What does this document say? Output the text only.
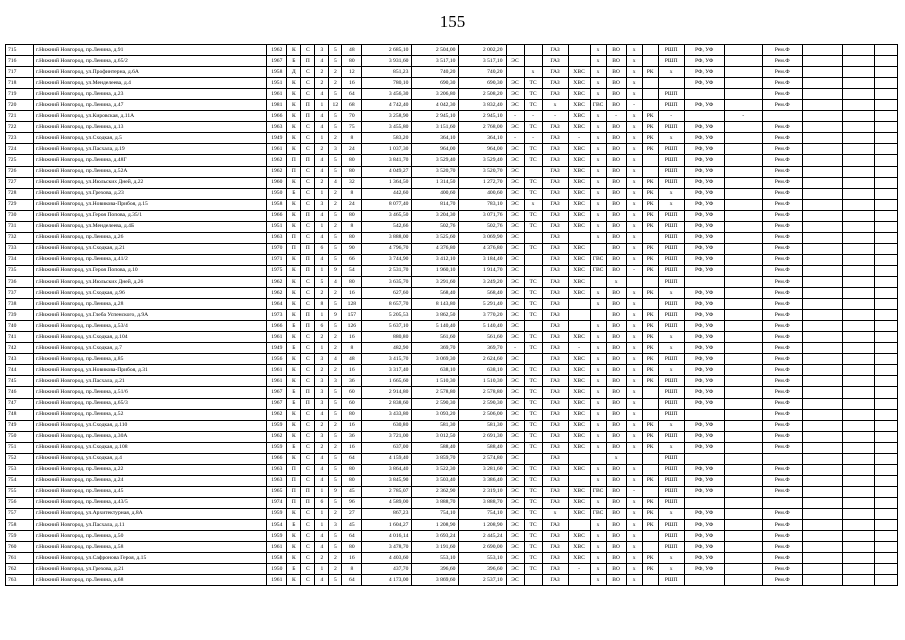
155
715	г.Нижний Новгород, пр.Ленина, д.91	1962	К	С	3	5	48	2 685,10	2 504,00	2 002,20			ГАЗ		х	ВО	х		РШП	РФ, УФ		Рем.Ф			
716	г.Нижний Новгород, пр.Ленина, д.65/2	1967	Б	П	4	5	80	3 931,60	3 517,10	3 517,10	ЭС		ГАЗ		х	ВО	х		РШП	РФ, УФ		Рем.Ф			
717	г.Нижний Новгород, ул.Профинтерна, д.6А	1958	Д	С	2	2	12	851,23	740,20	740,20		х	ГАЗ	ХВС	х	ВО	х	РК	х	РФ, УФ		Рем.Ф			
718	г.Нижний Новгород, ул.Менделеева, д.4	1951	К	С	2	2	16	780,10	690,30	690,30	ЭС	ТС	ГАЗ	ХВС	х	ВО	х			РФ, УФ		Рем.Ф			
719	г.Нижний Новгород, пр.Ленина, д.23	1961	К	С	4	5	64	3 456,30	3 206,80	2 508,20	ЭС	ТС	ГАЗ	ХВС	х	ВО	х		РШП			Рем.Ф			
720	г.Нижний Новгород, пр.Ленина, д.47	1981	К	П	1	12	68	4 742,40	4 042,30	3 832,40	ЭС	ТС	х	ХВС	ГВС	ВО	-		РШП	РФ, УФ		Рем.Ф			
721	г.Нижний Новгород, ул.Кировская, д.11А	1966	К	П	4	5	70	3 258,90	2 945,10	2 945,10	-	-	-	ХВС	х	-	х	РК	-		-				
722	г.Нижний Новгород, пр.Ленина, д.13	1963	К	С	4	5	75	3 455,80	3 151,60	2 768,00	ЭС	ТС	ГАЗ	ХВС	х	ВО	х	РК	РШП	РФ, УФ		Рем.Ф			
723	г.Нижний Новгород, ул.Сходкая, д.5	1949	К	С	1	2	8	583,20	364,10	364,10	-	-	ГАЗ	-	х	ВО	х	РК	х	РФ, УФ		Рем.Ф			
724	г.Нижний Новгород, ул.Пасхала, д.19	1961	К	С	2	3	24	1 037,30	964,00	964,00	ЭС	ТС	ГАЗ	ХВС	х	ВО	х	РК	РШП	РФ, УФ		Рем.Ф			
725	г.Нижний Новгород, пр.Ленина, д.48Г	1962	П	П	4	5	80	3 841,70	3 529,40	3 529,40	ЭС	ТС	ГАЗ	ХВС	х	ВО	х		РШП	РФ, УФ		Рем.Ф			
726	г.Нижний Новгород, пр.Ленина, д.52А	1962	П	С	4	5	80	4 049,27	3 520,70	3 520,70	ЭС		ГАЗ	ХВС	х	ВО	х		РШП	РФ, УФ		Рем.Ф			
727	г.Нижний Новгород, ул.Июльских Дней, д.22	1960	К	С	2	4	32	1 364,50	1 314,50	1 272,70	ЭС	ТС	ГАЗ	ХВС	х	ВО	х	РК	РШП	РФ, УФ		Рем.Ф			
728	г.Нижний Новгород, ул.Грехова, д.23	1950	Б	С	1	2	8	442,60	400,60	400,60	ЭС	ТС	ГАЗ	ХВС	х	ВО	х	РК	х	РФ, УФ		Рем.Ф			
729	г.Нижний Новгород, ул.Новикова-Прибоя, д.15	1958	К	С	3	2	24	8 077,40	814,70	783,10	ЭС	х	ГАЗ	ХВС	х	ВО	х	РК	х	РФ, УФ		Рем.Ф			
730	г.Нижний Новгород, ул.Героя Попова, д.35/1	1966	К	П	4	5	80	3 465,50	3 204,30	3 071,76	ЭС	ТС	ГАЗ	ХВС	х	ВО	х	РК	РШП	РФ, УФ		Рем.Ф			
731	г.Нижний Новгород, ул.Менделеева, д.4Б	1951	К	С	1	2	8	542,66	502,76	502,76	ЭС	ТС	ГАЗ	ХВС	х	ВО	х	РК	РШП	РФ, УФ		Рем.Ф			
732	г.Нижний Новгород, пр.Ленина, д.26	1963	П	С	4	5	80	3 888,00	3 525,60	3 069,90	ЭС		ГАЗ		х	ВО	х		РШП	РФ, УФ		Рем.Ф			
733	г.Нижний Новгород, ул.Сходкая, д.21	1970	П	П	6	5	90	4 796,70	4 376,80	4 376,80	ЭС	ТС	ГАЗ	ХВС		ВО	х	РК	РШП	РФ, УФ		Рем.Ф			
734	г.Нижний Новгород, пр.Ленина, д.41/2	1971	К	П	4	5	66	3 744,90	3 412,10	3 184,40	ЭС		ГАЗ	ХВС	ГВС	ВО	х	РК	РШП	РФ, УФ		Рем.Ф			
735	г.Нижний Новгород, ул.Героя Попова, д.10	1975	К	П	1	9	54	2 531,70	1 960,10	1 914,70	ЭС		ГАЗ	ХВС	ГВС	ВО	-	РК	РШП	РФ, УФ		Рем.Ф			
736	г.Нижний Новгород, ул.Июльских Дней, д.26	1962	К	С	5	4	80	3 635,70	3 291,60	3 249,20	ЭС	ТС	ГАЗ	ХВС		х			РШП			Рем.Ф			
737	г.Нижний Новгород, ул.Сходкая, д.96	1962	К	С	2	2	16	627,60	568,40	568,40	ЭС	ТС	ГАЗ	ХВС	х	ВО	х	РК	х	РФ, УФ		Рем.Ф			
738	г.Нижний Новгород, пр.Ленина, д.28	1964	К	С	8	5	128	8 657,70	8 143,80	5 291,40	ЭС	ТС	ГАЗ		х	ВО	х		РШП	РФ, УФ		Рем.Ф			
739	г.Нижний Новгород, ул.Глеба Успенского, д.9А	1973	К	П	1	9	157	5 205,53	3 862,50	3 770,20	ЭС	ТС	ГАЗ			ВО	х	РК	РШП	РФ, УФ		Рем.Ф			
740	г.Нижний Новгород, пр.Ленина, д.53/4	1966	Б	П	6	5	126	5 637,10	5 140,40	5 140,40	ЭС		ГАЗ		х	ВО	х	РК	РШП	РФ, УФ		Рем.Ф			
741	г.Нижний Новгород, ул.Сходкая, д.104	1961	К	С	2	2	16	880,80	561,60	561,60	ЭС	ТС	ГАЗ	ХВС	х	ВО	х	РК	х	РФ, УФ		Рем.Ф			
742	г.Нижний Новгород, ул.Сходкая, д.7	1949	Б	С	1	2	8	482,90	369,70	369,70	-	ТС	ГАЗ	-	х	ВО	х	РК	х	РФ, УФ		Рем.Ф			
743	г.Нижний Новгород, пр.Ленина, д.85	1956	К	С	3	4	48	3 415,70	3 069,30	2 624,60	ЭС		ГАЗ	ХВС	х	ВО	х	РК	РШП	РФ, УФ		Рем.Ф			
744	г.Нижний Новгород, ул.Новикова-Прибоя, д.31	1961	К	С	2	2	16	3 317,40	638,10	638,10	ЭС	ТС	ГАЗ	ХВС	х	ВО	х	РК	х	РФ, УФ		Рем.Ф			
745	г.Нижний Новгород, ул.Пасхала, д.21	1961	К	С	3	3	36	1 665,60	1 510,30	1 510,30	ЭС	ТС	ГАЗ	ХВС	х	ВО	х	РК	РШП	РФ, УФ		Рем.Ф			
746	г.Нижний Новгород, пр.Ленина, д.51/6	1967	Б	П	3	5	60	2 914,80	2 578,80	2 578,80	ЭС	ТС	ГАЗ	ХВС	х	ВО	х		РШП	РФ, УФ		Рем.Ф			
747	г.Нижний Новгород, пр.Ленина, д.65/3	1967	Б	П	3	5	60	2 838,60	2 590,30	2 590,30	ЭС	ТС	ГАЗ	ХВС	х	ВО	х		РШП	РФ, УФ		Рем.Ф			
748	г.Нижний Новгород, пр.Ленина, д.52	1962	К	С	4	5	80	3 433,80	3 093,20	2 506,00	ЭС	ТС	ГАЗ	ХВС	х	ВО	х		РШП			Рем.Ф			
749	г.Нижний Новгород, ул.Сходкая, д.110	1959	К	С	2	2	16	630,80	581,30	581,30	ЭС	ТС	ГАЗ	ХВС	х	ВО	х	РК	х	РФ, УФ		Рем.Ф			
750	г.Нижний Новгород, пр.Ленина, д.30А	1962	К	С	3	5	36	3 721,00	3 012,50	2 691,30	ЭС	ТС	ГАЗ	ХВС	х	ВО	х	РК	РШП	РФ, УФ		Рем.Ф			
751	г.Нижний Новгород, ул.Сходкая, д.108	1959	Б	С	2	2	16	637,00	588,40	588,40	ЭС	ТС	ГАЗ	ХВС	х	ВО	х	РК	х	РФ, УФ		Рем.Ф			
752	г.Нижний Новгород, ул.Сходкая, д.4	1966	К	С	4	5	64	4 159,40	3 859,70	2 574,80	ЭС		ГАЗ			х			РШП						
753	г.Нижний Новгород, пр.Ленина, д.22	1963	П	С	4	5	80	3 864,40	3 522,30	3 281,60	ЭС	ТС	ГАЗ	ХВС	х	ВО	х		РШП	РФ, УФ		Рем.Ф			
754	г.Нижний Новгород, пр.Ленина, д.24	1963	П	С	4	5	80	3 845,90	3 503,40	3 386,40	ЭС	ТС	ГАЗ		х	ВО	х	РК	РШП	РФ, УФ		Рем.Ф			
755	г.Нижний Новгород, пр.Ленина, д.45	1965	П	П	1	9	45	2 785,07	2 362,90	2 319,10	ЭС	ТС	ГАЗ	ХВС	ГВС	ВО	-		РШП	РФ, УФ		Рем.Ф			
756	г.Нижний Новгород, пр.Ленина, д.43/5	1974	П	П	6	5	96	4 589,00	3 888,70	3 888,70	ЭС	ТС	ГАЗ	ХВС	х	ВО	х	РК	РШП						
757	г.Нижний Новгород, ул.Архитектурная, д.8А	1959	К	С	1	2	27	867,23	754,10	754,10	ЭС	ТС	х	ХВС	ГВС	ВО	х	РК	х	РФ, УФ		Рем.Ф			
758	г.Нижний Новгород, ул.Пасхала, д.11	1954	Б	С	1	3	45	1 604,27	1 208,90	1 208,90	ЭС	ТС	ГАЗ		х	ВО	х	РК	РШП	РФ, УФ		Рем.Ф			
759	г.Нижний Новгород, пр.Ленина, д.50	1959	К	С	4	5	64	4 016,14	3 693,24	2 445,24	ЭС	ТС	ГАЗ	ХВС	х	ВО	х		РШП	РФ, УФ		Рем.Ф			
760	г.Нижний Новгород, пр.Ленина, д.58	1961	К	С	4	5	80	3 478,70	3 191,60	2 690,00	ЭС	ТС	ГАЗ	ХВС	х	ВО	х		РШП	РФ, УФ		Рем.Ф			
761	г.Нижний Новгород, ул.Сафронова Героя, д.15	1958	К	С	2	2	16	4 403,60	553,10	553,10	ЭС	ТС	ГАЗ	ХВС	х	ВО	х	РК	х	РФ, УФ		Рем.Ф			
762	г.Нижний Новгород, ул.Грехова, д.21	1950	Б	С	1	2	8	437,70	396,60	396,60	ЭС	ТС	ГАЗ	-	х	ВО	х	РК	х	РФ, УФ		Рем.Ф			
763	г.Нижний Новгород, пр.Ленина, д.68	1961	К	С	4	5	64	4 173,00	3 869,60	2 537,10	ЭС		ГАЗ		х	ВО	х		РШП			Рем.Ф			
